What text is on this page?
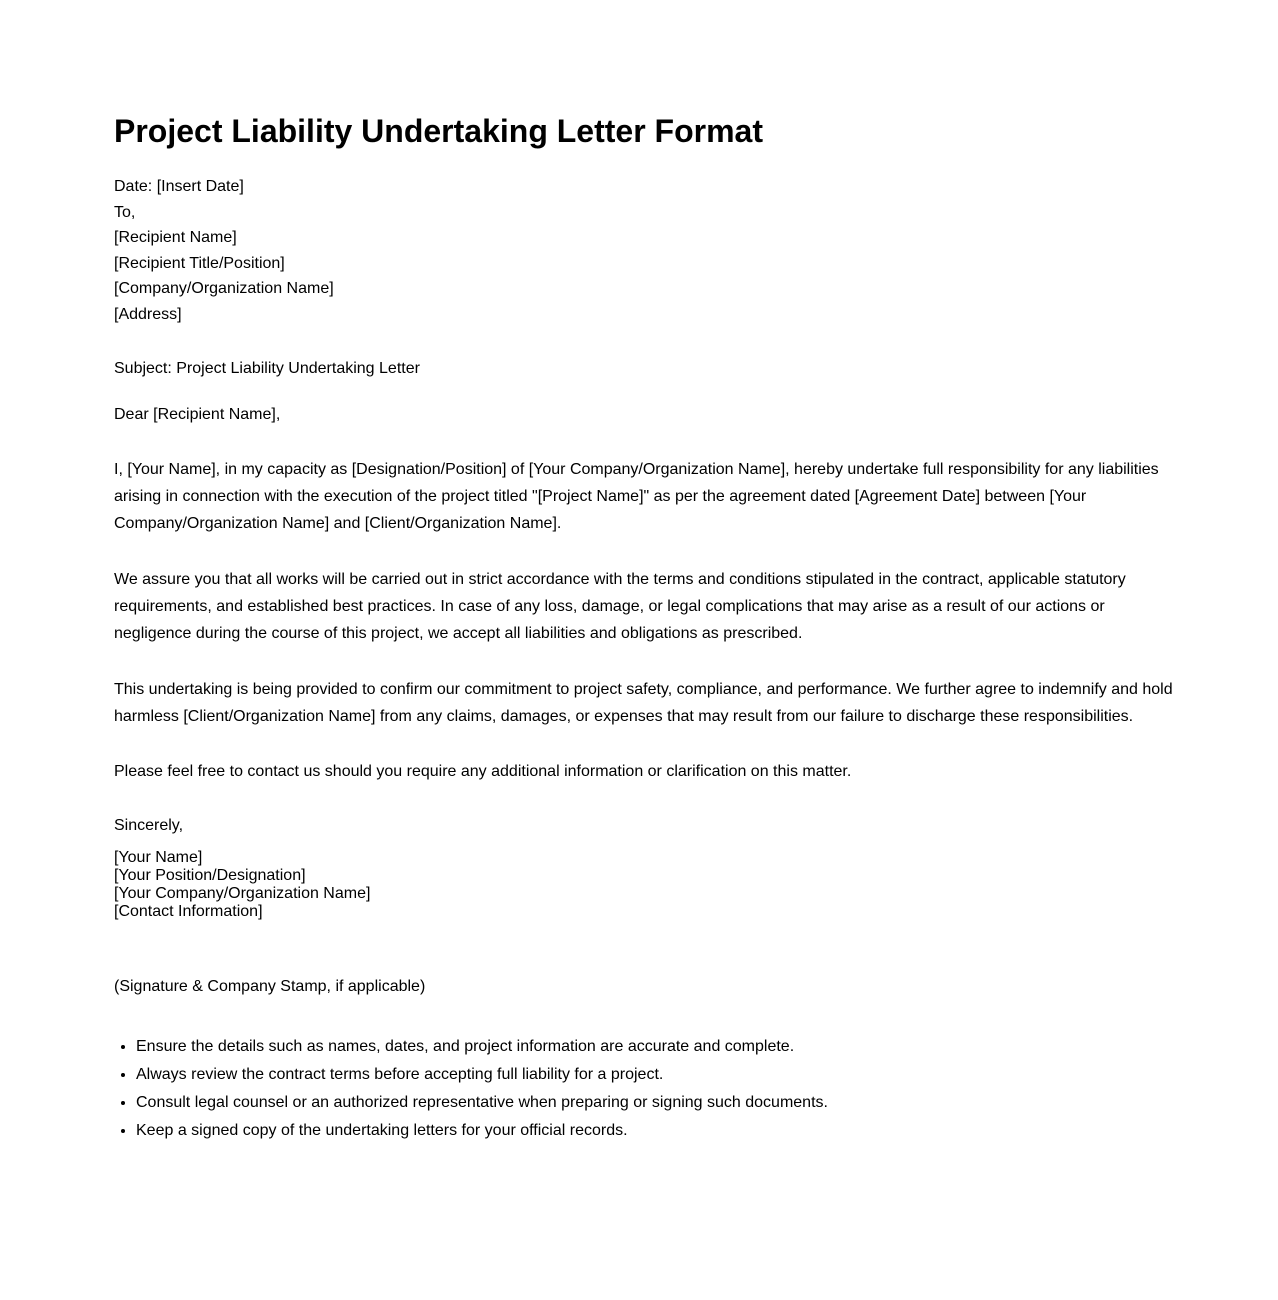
Project Liability Undertaking Letter Format
Date: [Insert Date]
To,
[Recipient Name]
[Recipient Title/Position]
[Company/Organization Name]
[Address]
Subject: Project Liability Undertaking Letter
Dear [Recipient Name],

I, [Your Name], in my capacity as [Designation/Position] of [Your Company/Organization Name], hereby undertake full responsibility for any liabilities arising in connection with the execution of the project titled "[Project Name]" as per the agreement dated [Agreement Date] between [Your Company/Organization Name] and [Client/Organization Name].

We assure you that all works will be carried out in strict accordance with the terms and conditions stipulated in the contract, applicable statutory requirements, and established best practices. In case of any loss, damage, or legal complications that may arise as a result of our actions or negligence during the course of this project, we accept all liabilities and obligations as prescribed.

This undertaking is being provided to confirm our commitment to project safety, compliance, and performance. We further agree to indemnify and hold harmless [Client/Organization Name] from any claims, damages, or expenses that may result from our failure to discharge these responsibilities.

Please feel free to contact us should you require any additional information or clarification on this matter.

Sincerely,
[Your Name]
[Your Position/Designation]
[Your Company/Organization Name]
[Contact Information]
(Signature & Company Stamp, if applicable)
• Ensure the details such as names, dates, and project information are accurate and complete.
• Always review the contract terms before accepting full liability for a project.
• Consult legal counsel or an authorized representative when preparing or signing such documents.
• Keep a signed copy of the undertaking letters for your official records.
